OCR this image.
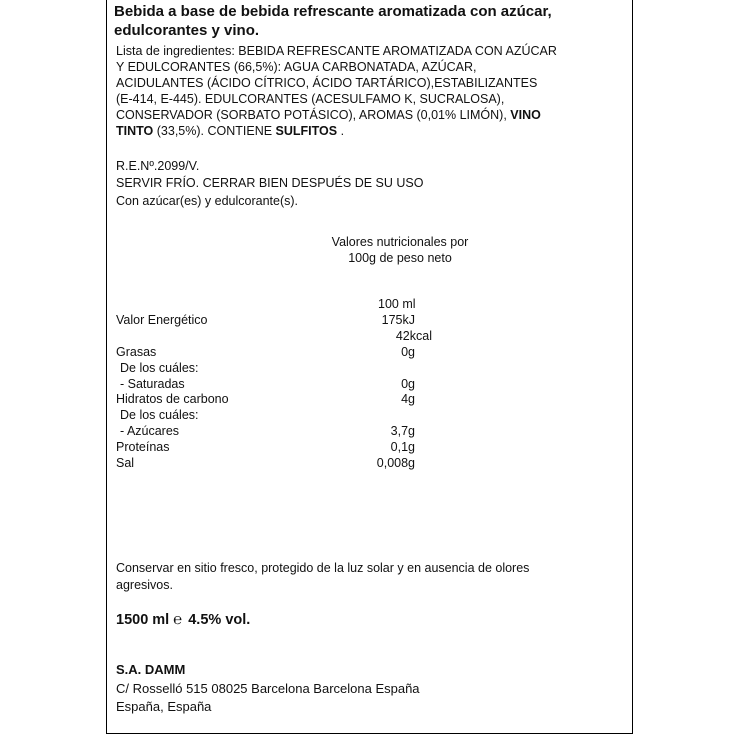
Bebida a base de bebida refrescante aromatizada con azúcar,
edulcorantes y vino.
Lista de ingredientes: BEBIDA REFRESCANTE AROMATIZADA CON AZÚCAR
Y EDULCORANTES (66,5%): AGUA CARBONATADA, AZÚCAR,
ACIDULANTES (ÁCIDO CÍTRICO, ÁCIDO TARTÁRICO),ESTABILIZANTES
(E-414, E-445). EDULCORANTES (ACESULFAMO K, SUCRALOSA),
CONSERVADOR (SORBATO POTÁSICO), AROMAS (0,01% LIMÓN), VINO
TINTO (33,5%). CONTIENE SULFITOS .
R.E.Nº.2099/V.
SERVIR FRÍO. CERRAR BIEN DESPUÉS DE SU USO
Con azúcar(es) y edulcorante(s).
Valores nutricionales por
100g de peso neto
100 ml
Valor Energético	175kJ
42kcal
Grasas	0g
De los cuáles:
- Saturadas	0g
Hidratos de carbono	4g
De los cuáles:
- Azúcares	3,7g
Proteínas	0,1g
Sal	0,008g
Conservar en sitio fresco, protegido de la luz solar y en ausencia de olores
agresivos.
1500 ml ℮ 4.5% vol.
S.A. DAMM
C/ Rosselló 515 08025 Barcelona Barcelona España
España, España
